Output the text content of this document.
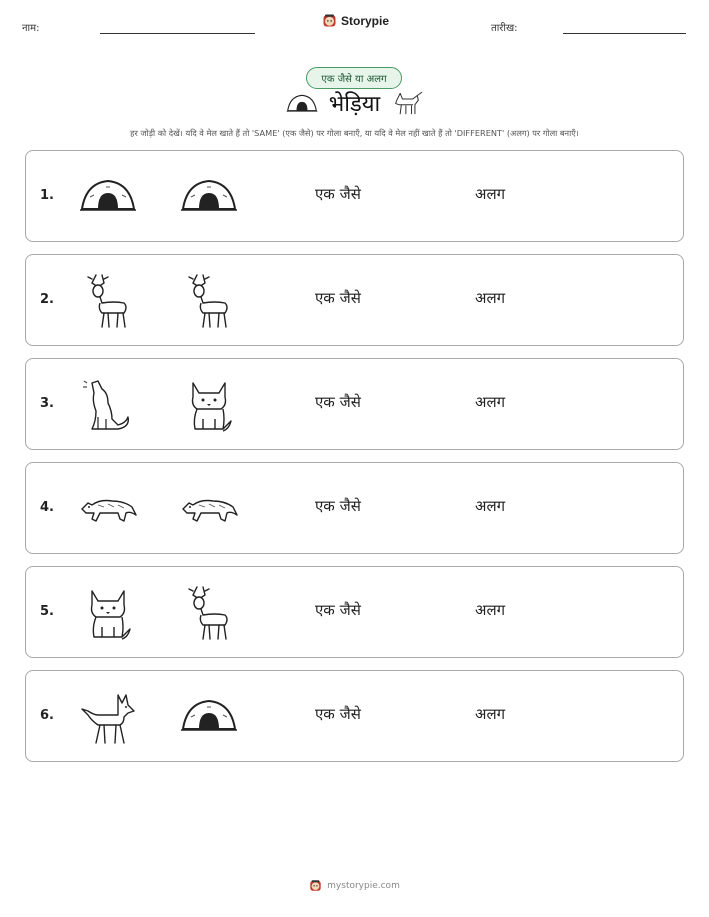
नाम:
Storypie
तारीख:
एक जैसे या अलग
भेड़िया
हर जोड़ी को देखें। यदि वे मेल खाते हैं तो 'SAME' (एक जैसे) पर गोला बनाएँ, या यदि वे मेल नहीं खाते हैं तो 'DIFFERENT' (अलग) पर गोला बनाएँ।
1.	एक जैसे	अलग
2.	एक जैसे	अलग
3.	एक जैसे	अलग
4.	एक जैसे	अलग
5.	एक जैसे	अलग
6.	एक जैसे	अलग
mystorypie.com
